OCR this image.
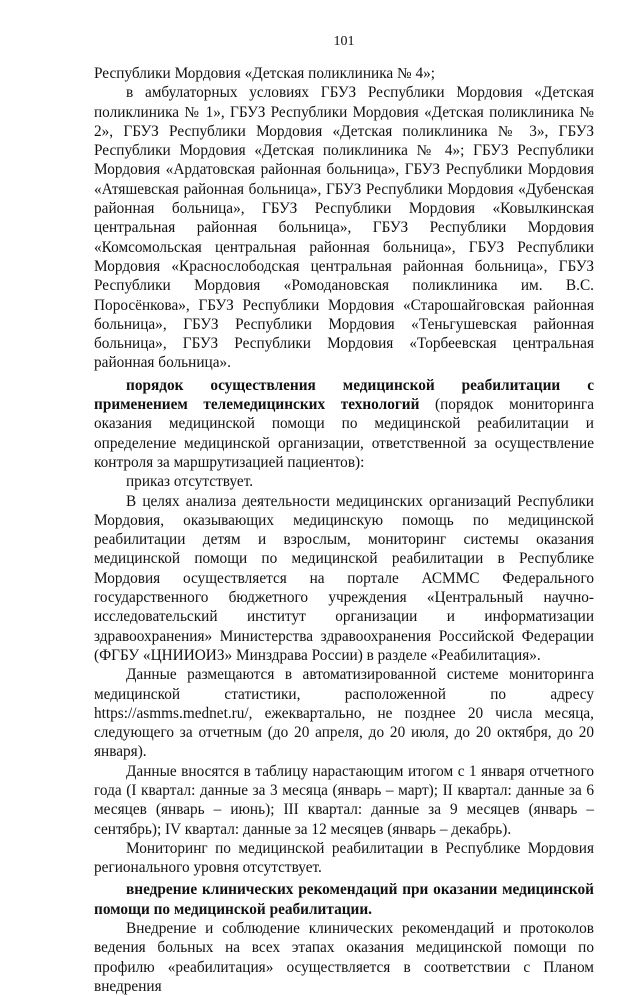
101

Республики Мордовия «Детская поликлиника № 4»;

в амбулаторных условиях ГБУЗ Республики Мордовия «Детская поликлиника № 1», ГБУЗ Республики Мордовия «Детская поликлиника № 2», ГБУЗ Республики Мордовия «Детская поликлиника № 3», ГБУЗ Республики Мордовия «Детская поликлиника № 4»; ГБУЗ Республики Мордовия «Ардатовская районная больница», ГБУЗ Республики Мордовия «Атяшевская районная больница», ГБУЗ Республики Мордовия «Дубенская районная больница», ГБУЗ Республики Мордовия «Ковылкинская центральная районная больница», ГБУЗ Республики Мордовия «Комсомольская центральная районная больница», ГБУЗ Республики Мордовия «Краснослободская центральная районная больница», ГБУЗ Республики Мордовия «Ромодановская поликлиника им. В.С. Поросёнкова», ГБУЗ Республики Мордовия «Старошайговская районная больница», ГБУЗ Республики Мордовия «Теньгушевская районная больница», ГБУЗ Республики Мордовия «Торбеевская центральная районная больница».

порядок осуществления медицинской реабилитации с применением телемедицинских технологий (порядок мониторинга оказания медицинской помощи по медицинской реабилитации и определение медицинской организации, ответственной за осуществление контроля за маршрутизацией пациентов):

приказ отсутствует.

В целях анализа деятельности медицинских организаций Республики Мордовия, оказывающих медицинскую помощь по медицинской реабилитации детям и взрослым, мониторинг системы оказания медицинской помощи по медицинской реабилитации в Республике Мордовия осуществляется на портале АСММС Федерального государственного бюджетного учреждения «Центральный научно-исследовательский институт организации и информатизации здравоохранения» Министерства здравоохранения Российской Федерации (ФГБУ «ЦНИИОИЗ» Минздрава России) в разделе «Реабилитация».

Данные размещаются в автоматизированной системе мониторинга медицинской статистики, расположенной по адресу https://asmms.mednet.ru/, ежеквартально, не позднее 20 числа месяца, следующего за отчетным (до 20 апреля, до 20 июля, до 20 октября, до 20 января).

Данные вносятся в таблицу нарастающим итогом с 1 января отчетного года (I квартал: данные за 3 месяца (январь – март); II квартал: данные за 6 месяцев (январь – июнь); III квартал: данные за 9 месяцев (январь – сентябрь); IV квартал: данные за 12 месяцев (январь – декабрь).

Мониторинг по медицинской реабилитации в Республике Мордовия регионального уровня отсутствует.

внедрение клинических рекомендаций при оказании медицинской помощи по медицинской реабилитации.

Внедрение и соблюдение клинических рекомендаций и протоколов ведения больных на всех этапах оказания медицинской помощи по профилю «реабилитация» осуществляется в соответствии с Планом внедрения
